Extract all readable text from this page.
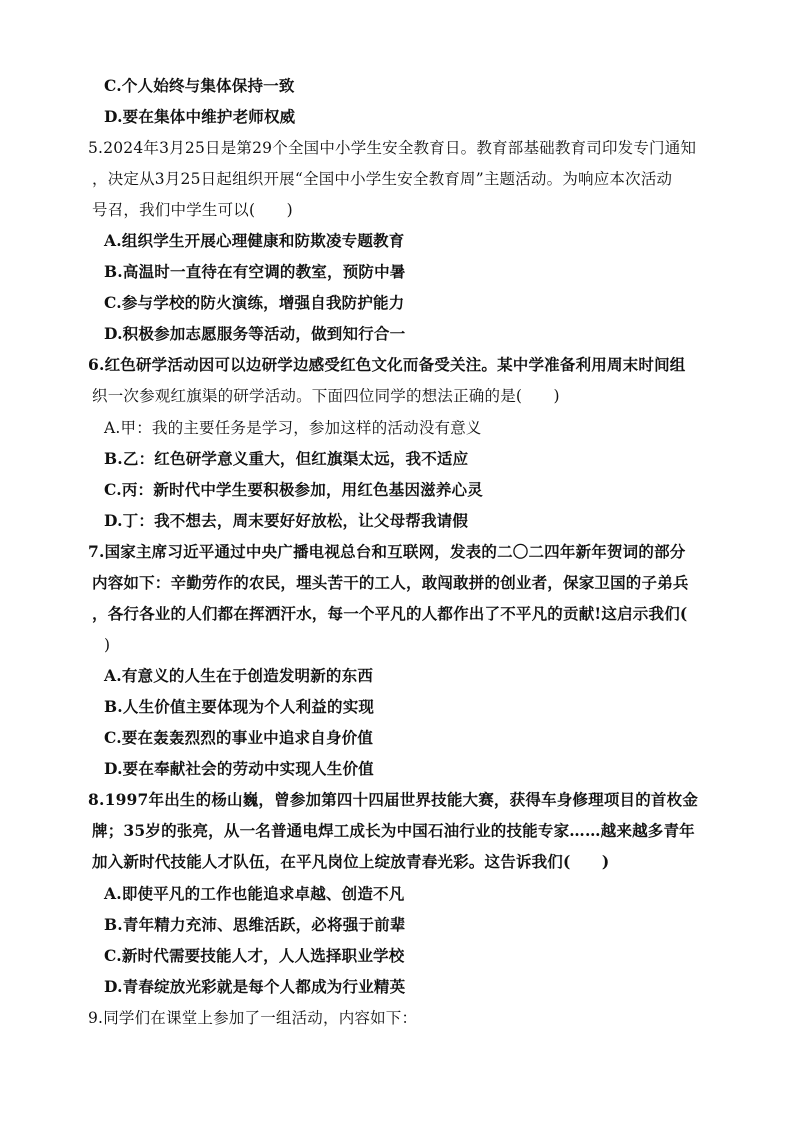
C.个人始终与集体保持一致
D.要在集体中维护老师权威
5.2024年3月25日是第29个全国中小学生安全教育日。教育部基础教育司印发专门通知
，决定从3月25日起组织开展“全国中小学生安全教育周”主题活动。为响应本次活动
号召，我们中学生可以(　　)
A.组织学生开展心理健康和防欺凌专题教育
B.高温时一直待在有空调的教室，预防中暑
C.参与学校的防火演练，增强自我防护能力
D.积极参加志愿服务等活动，做到知行合一
6.红色研学活动因可以边研学边感受红色文化而备受关注。某中学准备利用周末时间组
织一次参观红旗渠的研学活动。下面四位同学的想法正确的是(　　)
A.甲：我的主要任务是学习，参加这样的活动没有意义
B.乙：红色研学意义重大，但红旗渠太远，我不适应
C.丙：新时代中学生要积极参加，用红色基因滋养心灵
D.丁：我不想去，周末要好好放松，让父母帮我请假
7.国家主席习近平通过中央广播电视总台和互联网，发表的二〇二四年新年贺词的部分
内容如下：辛勤劳作的农民，埋头苦干的工人，敢闯敢拼的创业者，保家卫国的子弟兵
，各行各业的人们都在挥洒汗水，每一个平凡的人都作出了不平凡的贡献!这启示我们(
)
A.有意义的人生在于创造发明新的东西
B.人生价值主要体现为个人利益的实现
C.要在轰轰烈烈的事业中追求自身价值
D.要在奉献社会的劳动中实现人生价值
8.1997年出生的杨山巍，曾参加第四十四届世界技能大赛，获得车身修理项目的首枚金
牌；35岁的张亮，从一名普通电焊工成长为中国石油行业的技能专家……越来越多青年
加入新时代技能人才队伍，在平凡岗位上绽放青春光彩。这告诉我们(　　)
A.即使平凡的工作也能追求卓越、创造不凡
B.青年精力充沛、思维活跃，必将强于前辈
C.新时代需要技能人才，人人选择职业学校
D.青春绽放光彩就是每个人都成为行业精英
9.同学们在课堂上参加了一组活动，内容如下：
